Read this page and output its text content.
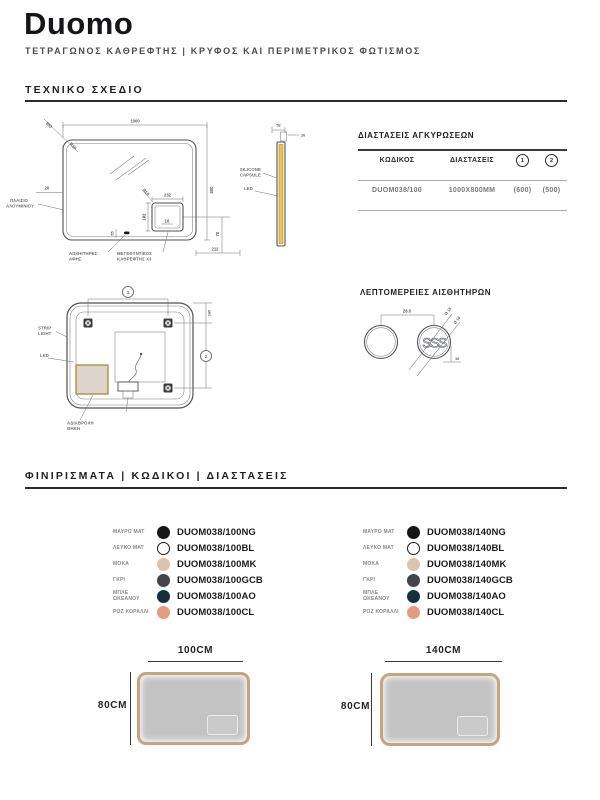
Duomo
ΤΕΤΡΑΓΩΝΟΣ ΚΑΘΡΕΦΤΗΣ | ΚΡΥΦΟΣ ΚΑΙ ΠΕΡΙΜΕΤΡΙΚΟΣ ΦΩΤΙΣΜΟΣ
ΤΕΧΝΙΚΟ ΣΧΕΔΙΟ
1000
800
20
950
R30
232
R10
182
16
70
212
55
ΑΙΣΘΗΤΗΡΕΣ
ΑΦΗΣ
ΜΕΓΕΘΥΝΤΙΚΟΣ
ΚΑΘΡΕΦΤΗΣ X3
ΠΛΑΙΣΙΟ
ΑΛΟΥΜΙΝΙΟΥ
52
26
SILICONE
CAPSULE
LED
ΔΙΑΣΤΑΣΕΙΣ ΑΓΚΥΡΩΣΕΩΝ
ΚΩΔΙΚΟΣ	ΔΙΑΣΤΑΣΕΙΣ	1	2
DUOM038/100	1000X800MM	(600)	(500)
1
160
2
STRIP
LIGHT
LED
ΑΔΙΑΒΡΟΧΗ
ΘΗΚΗ
ΛΕΠΤΟΜΕΡΕΙΕΣ ΑΙΣΘΗΤΗΡΩΝ
SSS
28.5	Ø 18
Ø 16
10
ΦΙΝΙΡΙΣΜΑΤΑ | ΚΩΔΙΚΟΙ | ΔΙΑΣΤΑΣΕΙΣ
ΜΑΥΡΟ ΜΑΤ	DUOM038/100NG
ΛΕΥΚΟ ΜΑΤ	DUOM038/100BL
ΜΟΚΑ	DUOM038/100MK
ΓΚΡΙ	DUOM038/100GCB
ΜΠΛΕ ΩΚΕΑΝΟΥ	DUOM038/100AO
ΡΟΖ ΚΟΡΑΛΛΙ	DUOM038/100CL
ΜΑΥΡΟ ΜΑΤ	DUOM038/140NG
ΛΕΥΚΟ ΜΑΤ	DUOM038/140BL
ΜΟΚΑ	DUOM038/140MK
ΓΚΡΙ	DUOM038/140GCB
ΜΠΛΕ ΩΚΕΑΝΟΥ	DUOM038/140AO
ΡΟΖ ΚΟΡΑΛΛΙ	DUOM038/140CL
100CM
80CM
140CM
80CM
